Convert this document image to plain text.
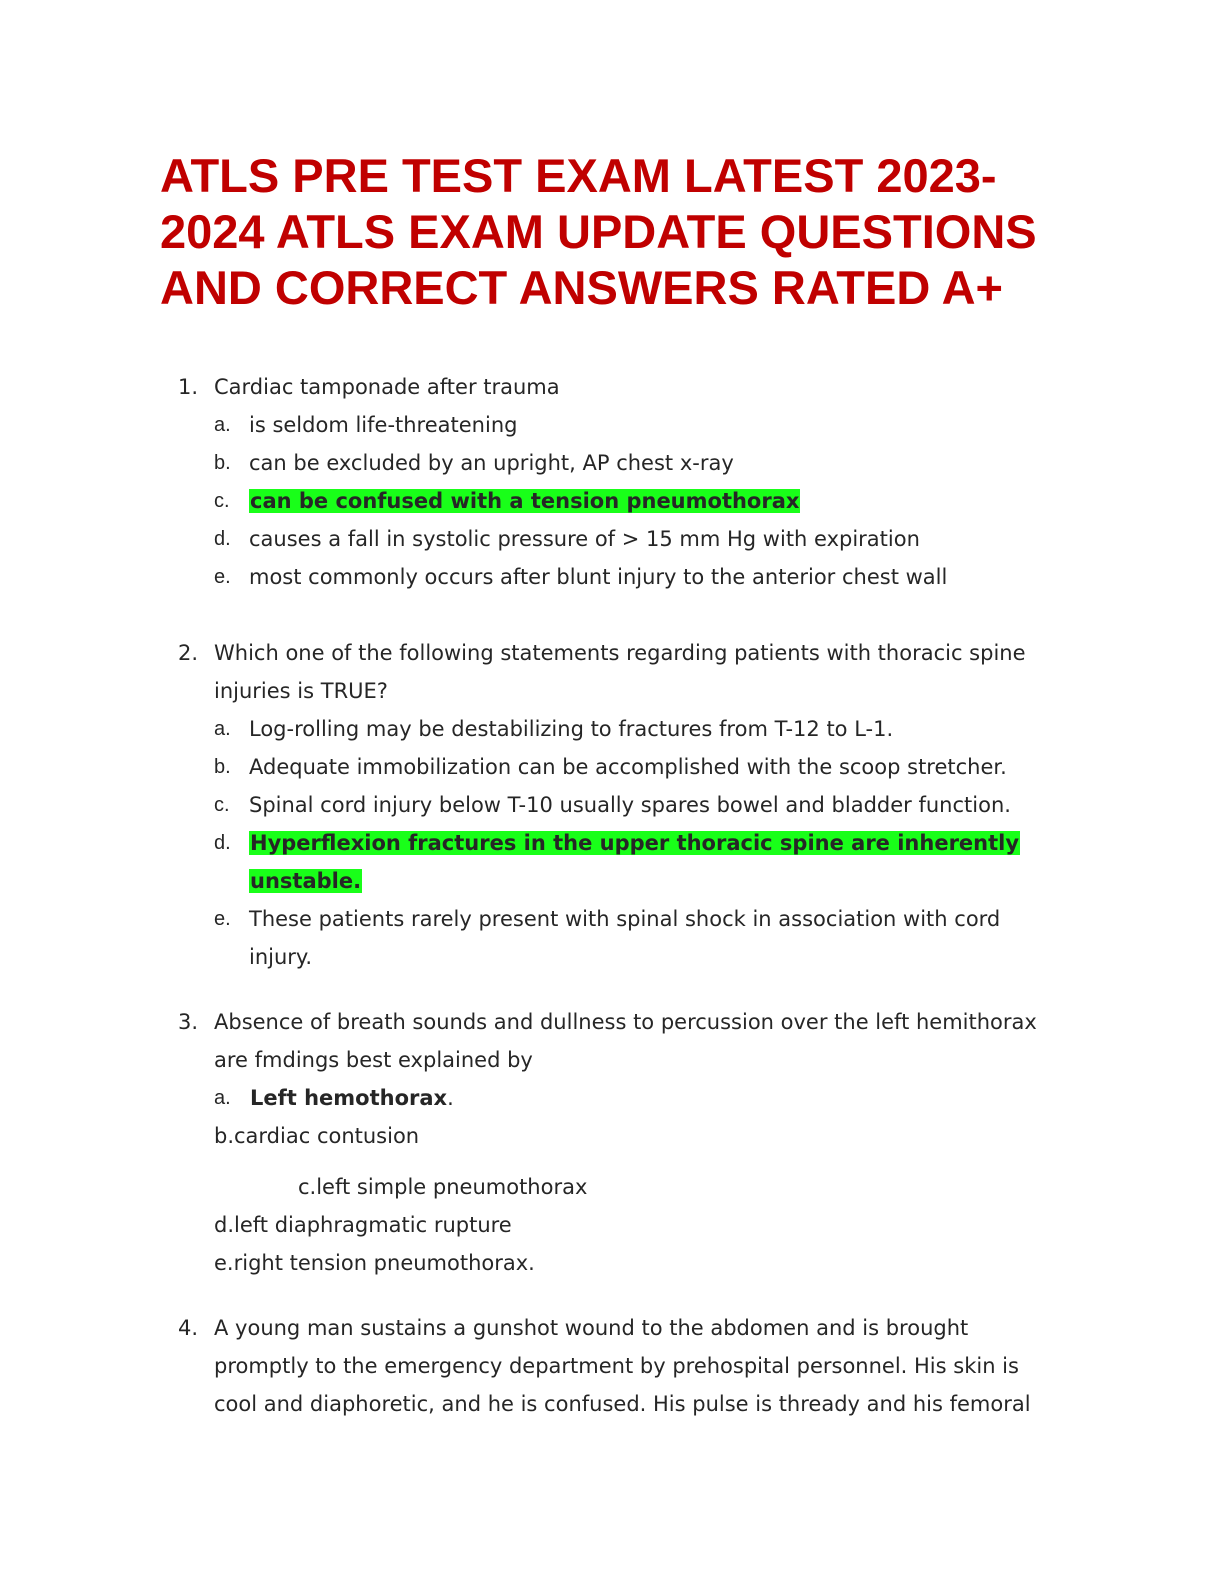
ATLS PRE TEST EXAM LATEST 2023-
2024 ATLS EXAM UPDATE QUESTIONS
AND CORRECT ANSWERS RATED A+
1. Cardiac tamponade after trauma
a. is seldom life-threatening
b. can be excluded by an upright, AP chest x-ray
c. can be confused with a tension pneumothorax
d. causes a fall in systolic pressure of > 15 mm Hg with expiration
e. most commonly occurs after blunt injury to the anterior chest wall
2. Which one of the following statements regarding patients with thoracic spine
injuries is TRUE?
a. Log-rolling may be destabilizing to fractures from T-12 to L-1.
b. Adequate immobilization can be accomplished with the scoop stretcher.
c. Spinal cord injury below T-10 usually spares bowel and bladder function.
d. Hyperflexion fractures in the upper thoracic spine are inherently
unstable.
e. These patients rarely present with spinal shock in association with cord
injury.
3. Absence of breath sounds and dullness to percussion over the left hemithorax
are fmdings best explained by
a. Left hemothorax.
b.cardiac contusion
c.left simple pneumothorax
d.left diaphragmatic rupture
e.right tension pneumothorax.
4. A young man sustains a gunshot wound to the abdomen and is brought
promptly to the emergency department by prehospital personnel. His skin is
cool and diaphoretic, and he is confused. His pulse is thready and his femoral
